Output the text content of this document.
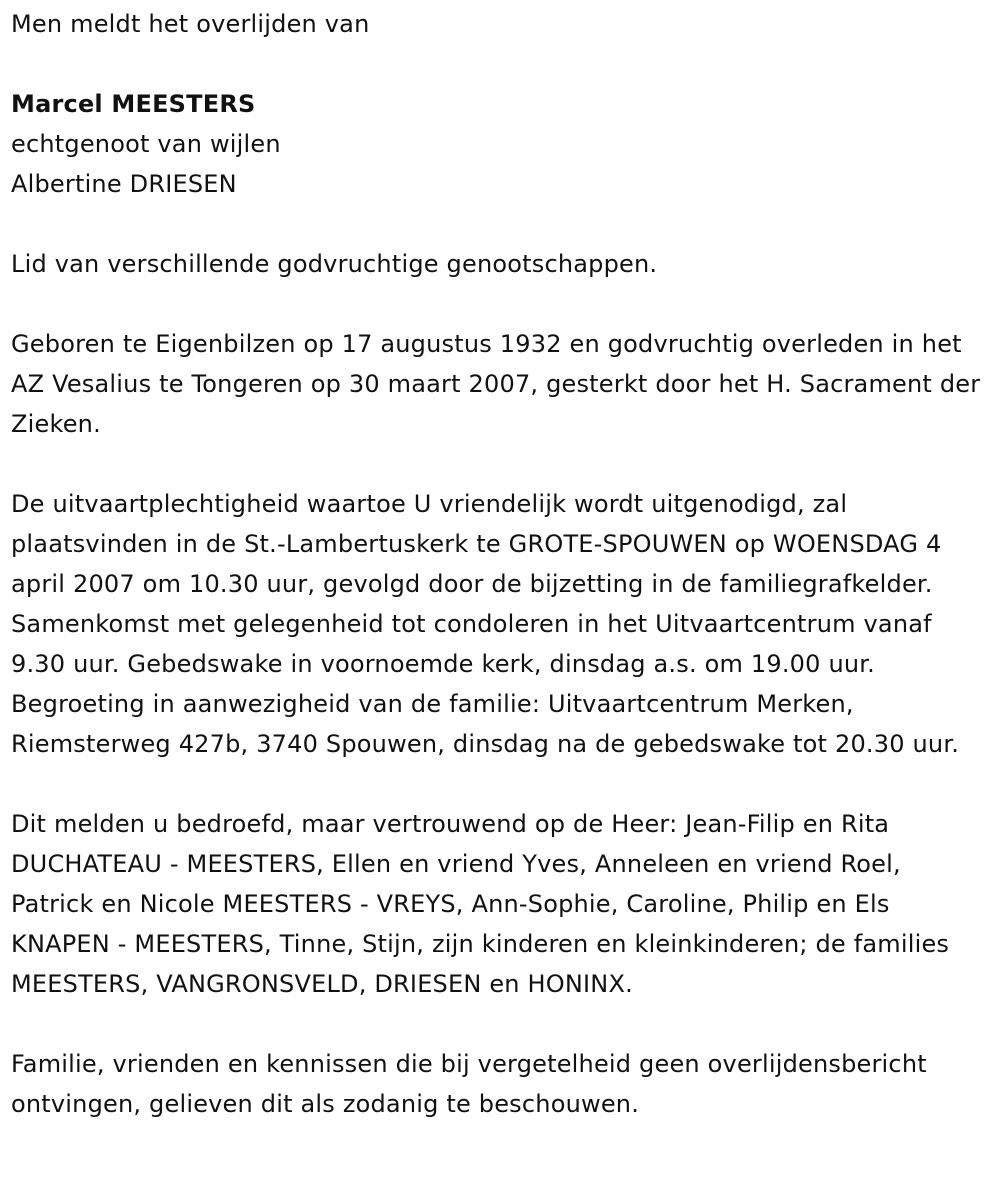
Men meldt het overlijden van

Marcel MEESTERS

echtgenoot van wijlen

Albertine DRIESEN

Lid van verschillende godvruchtige genootschappen.

Geboren te Eigenbilzen op 17 augustus 1932 en godvruchtig overleden in het AZ Vesalius te Tongeren op 30 maart 2007, gesterkt door het H. Sacrament der Zieken.

De uitvaartplechtigheid waartoe U vriendelijk wordt uitgenodigd, zal plaatsvinden in de St.-Lambertuskerk te GROTE-SPOUWEN op WOENSDAG 4 april 2007 om 10.30 uur, gevolgd door de bijzetting in de familiegrafkelder. Samenkomst met gelegenheid tot condoleren in het Uitvaartcentrum vanaf 9.30 uur. Gebedswake in voornoemde kerk, dinsdag a.s. om 19.00 uur. Begroeting in aanwezigheid van de familie: Uitvaartcentrum Merken, Riemsterweg 427b, 3740 Spouwen, dinsdag na de gebedswake tot 20.30 uur.

Dit melden u bedroefd, maar vertrouwend op de Heer: Jean-Filip en Rita DUCHATEAU - MEESTERS, Ellen en vriend Yves, Anneleen en vriend Roel, Patrick en Nicole MEESTERS - VREYS, Ann-Sophie, Caroline, Philip en Els KNAPEN - MEESTERS, Tinne, Stijn, zijn kinderen en kleinkinderen; de families MEESTERS, VANGRONSVELD, DRIESEN en HONINX.

Familie, vrienden en kennissen die bij vergetelheid geen overlijdensbericht ontvingen, gelieven dit als zodanig te beschouwen.
